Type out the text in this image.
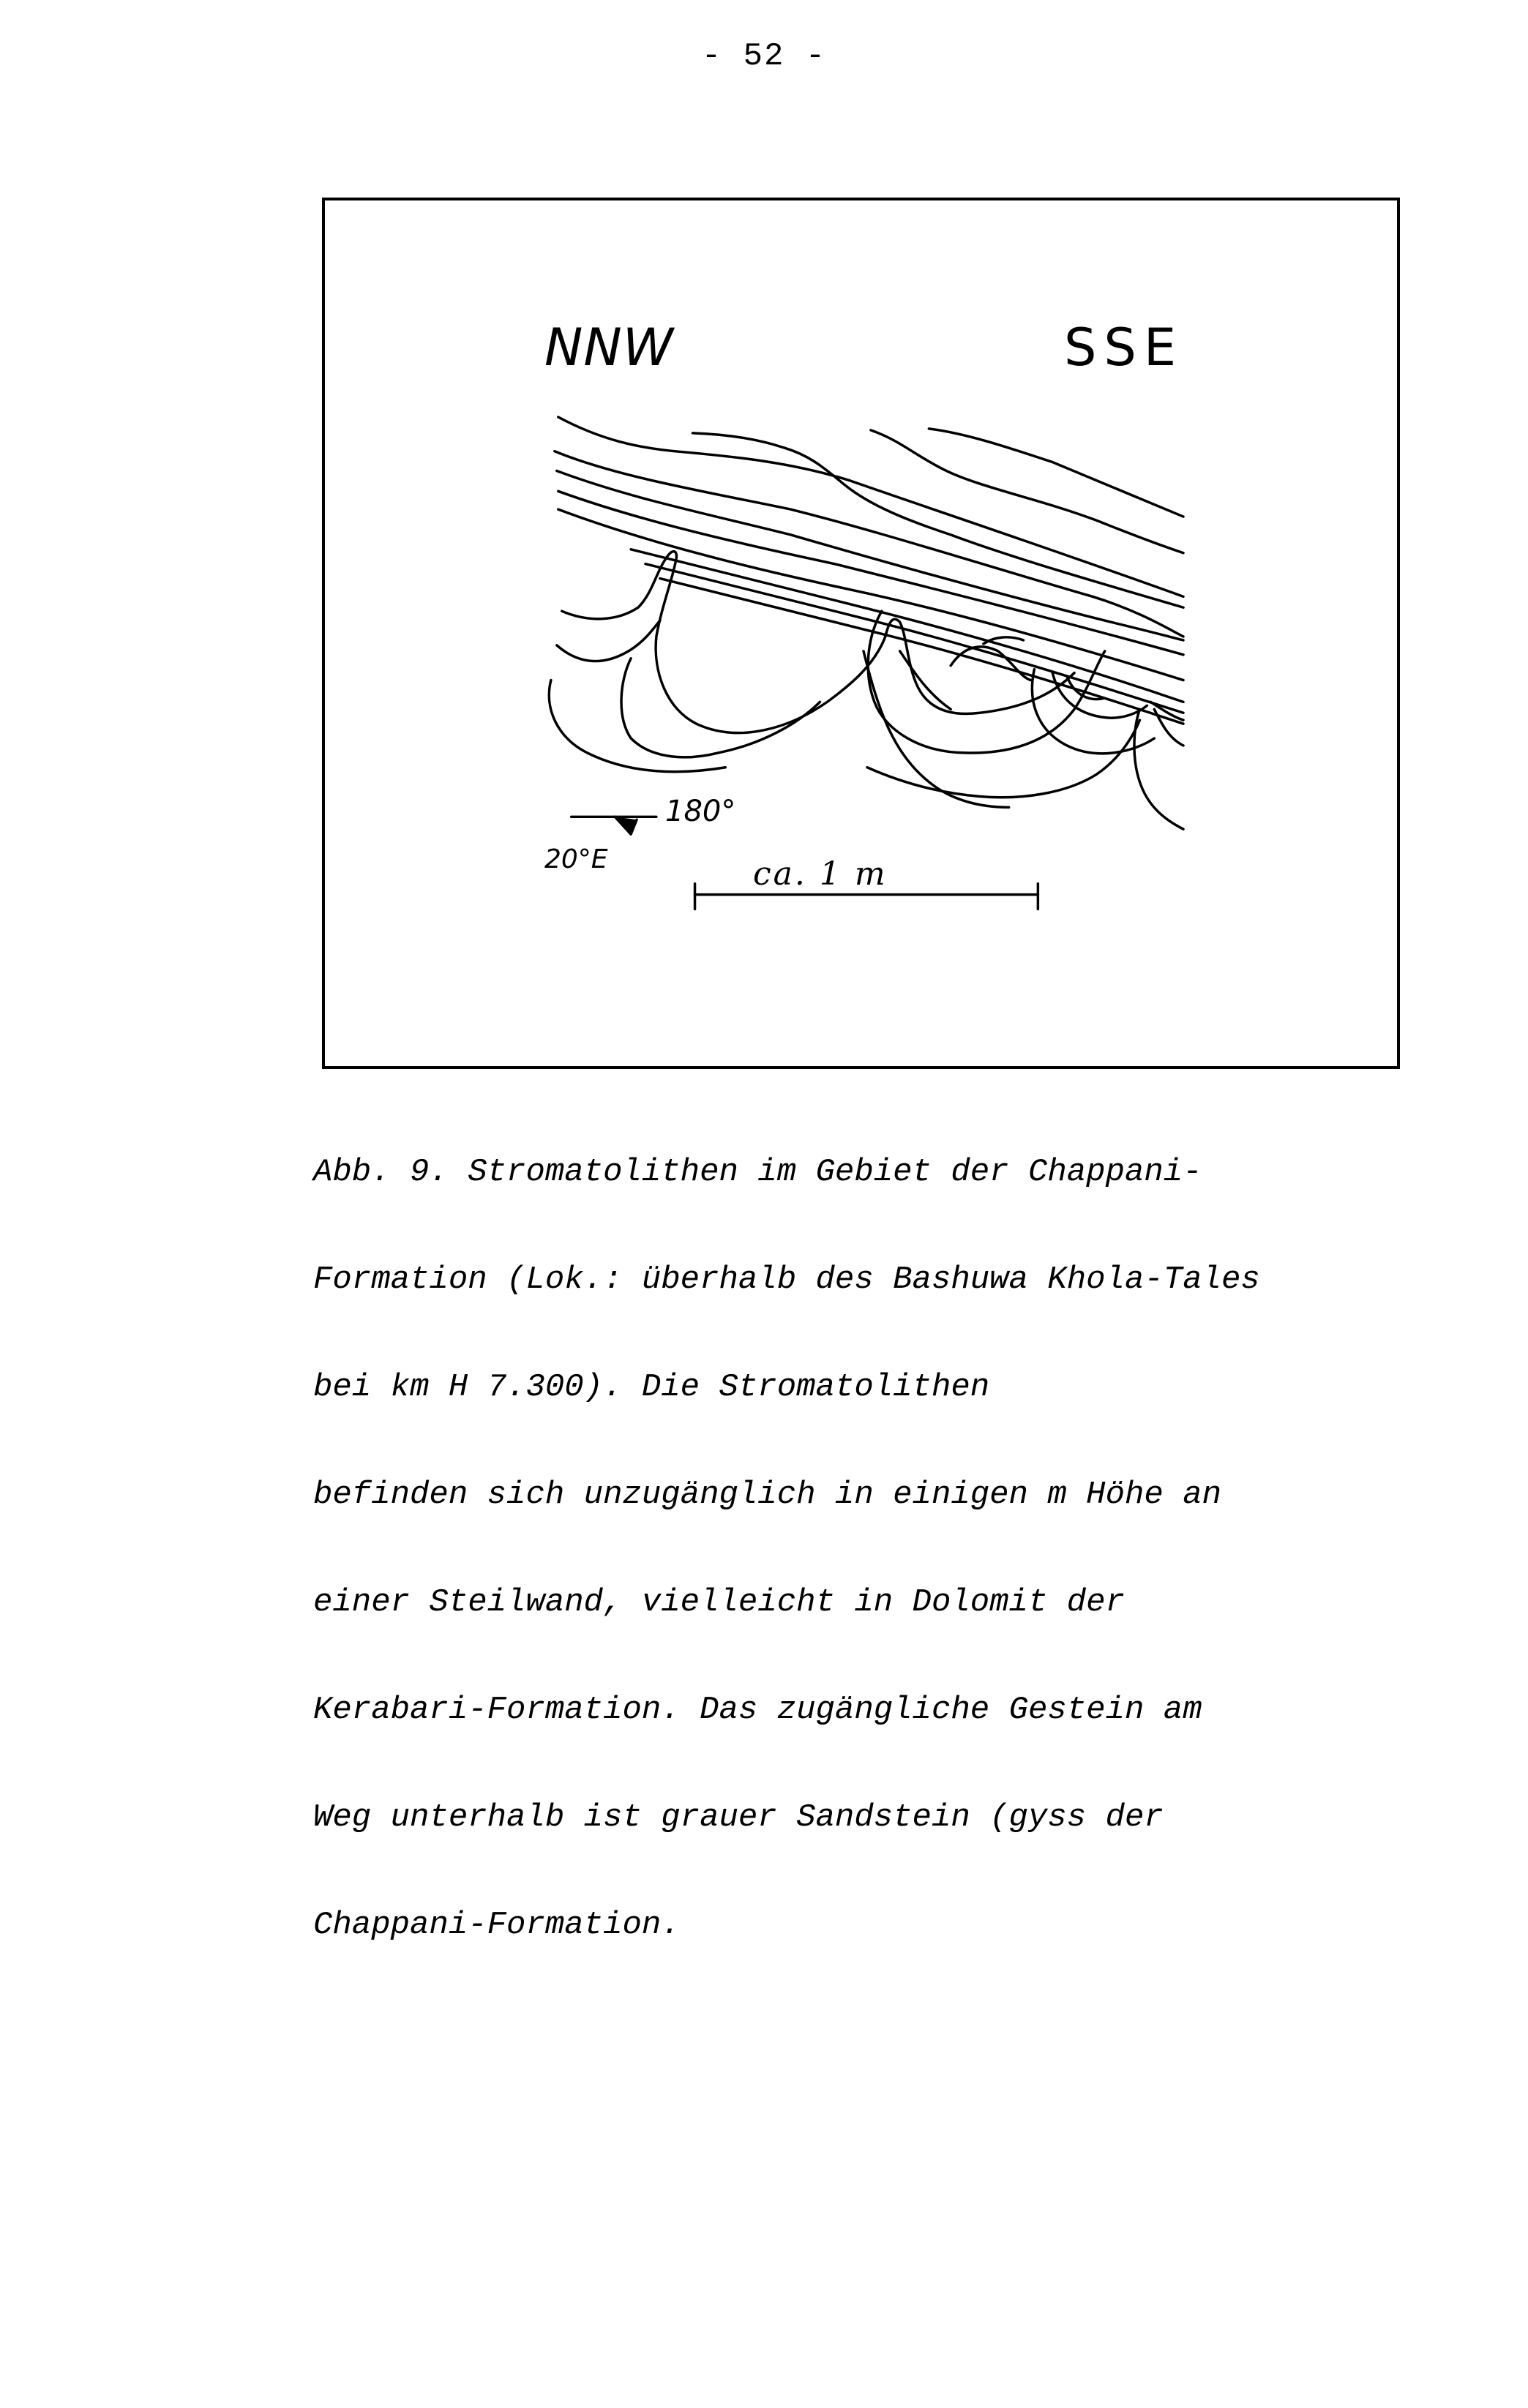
- 52 -
NNW	SSE
180°
20°E	ca. 1 m

Abb. 9. Stromatolithen im Gebiet der Chappani-

Formation (Lok.: überhalb des Bashuwa Khola-Tales

bei km H 7.300). Die Stromatolithen

befinden sich unzugänglich in einigen m Höhe an

einer Steilwand, vielleicht in Dolomit der

Kerabari-Formation. Das zugängliche Gestein am

Weg unterhalb ist grauer Sandstein (gyss der

Chappani-Formation.
